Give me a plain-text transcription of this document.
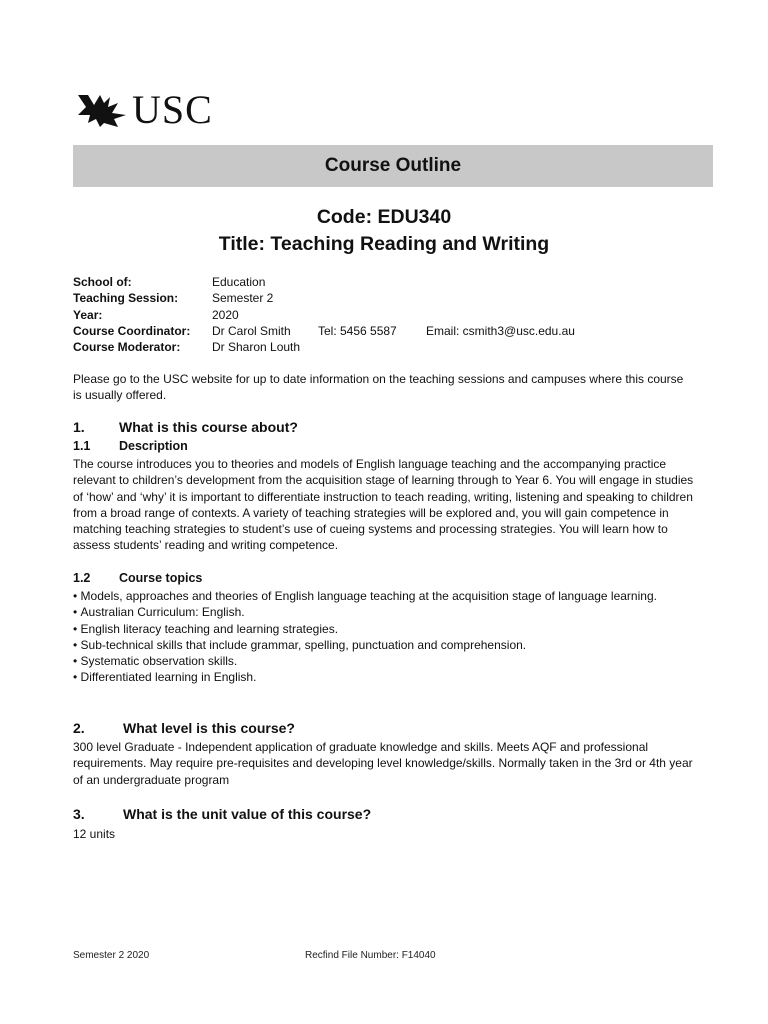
USC
Course Outline
Code: EDU340
Title: Teaching Reading and Writing
School of:	Education
Teaching Session:	Semester 2
Year:	2020
Course Coordinator: Dr Carol Smith Tel: 5456 5587 Email: csmith3@usc.edu.au
Course Moderator:	Dr Sharon Louth
Please go to the USC website for up to date information on the teaching sessions and campuses where this course is usually offered.
1. What is this course about?
1.1 Description
The course introduces you to theories and models of English language teaching and the accompanying practice relevant to children’s development from the acquisition stage of learning through to Year 6. You will engage in studies of ‘how’ and ‘why’ it is important to differentiate instruction to teach reading, writing, listening and speaking to children from a broad range of contexts. A variety of teaching strategies will be explored and, you will gain competence in matching teaching strategies to student’s use of cueing systems and processing strategies. You will learn how to assess students’ reading and writing competence.
1.2 Course topics
• Models, approaches and theories of English language teaching at the acquisition stage of language learning.
• Australian Curriculum: English.
• English literacy teaching and learning strategies.
• Sub-technical skills that include grammar, spelling, punctuation and comprehension.
• Systematic observation skills.
• Differentiated learning in English.
2.	What level is this course?
300 level Graduate - Independent application of graduate knowledge and skills. Meets AQF and professional requirements. May require pre-requisites and developing level knowledge/skills. Normally taken in the 3rd or 4th year of an undergraduate program
3.	What is the unit value of this course?
12 units
Semester 2 2020	Recfind File Number: F14040
